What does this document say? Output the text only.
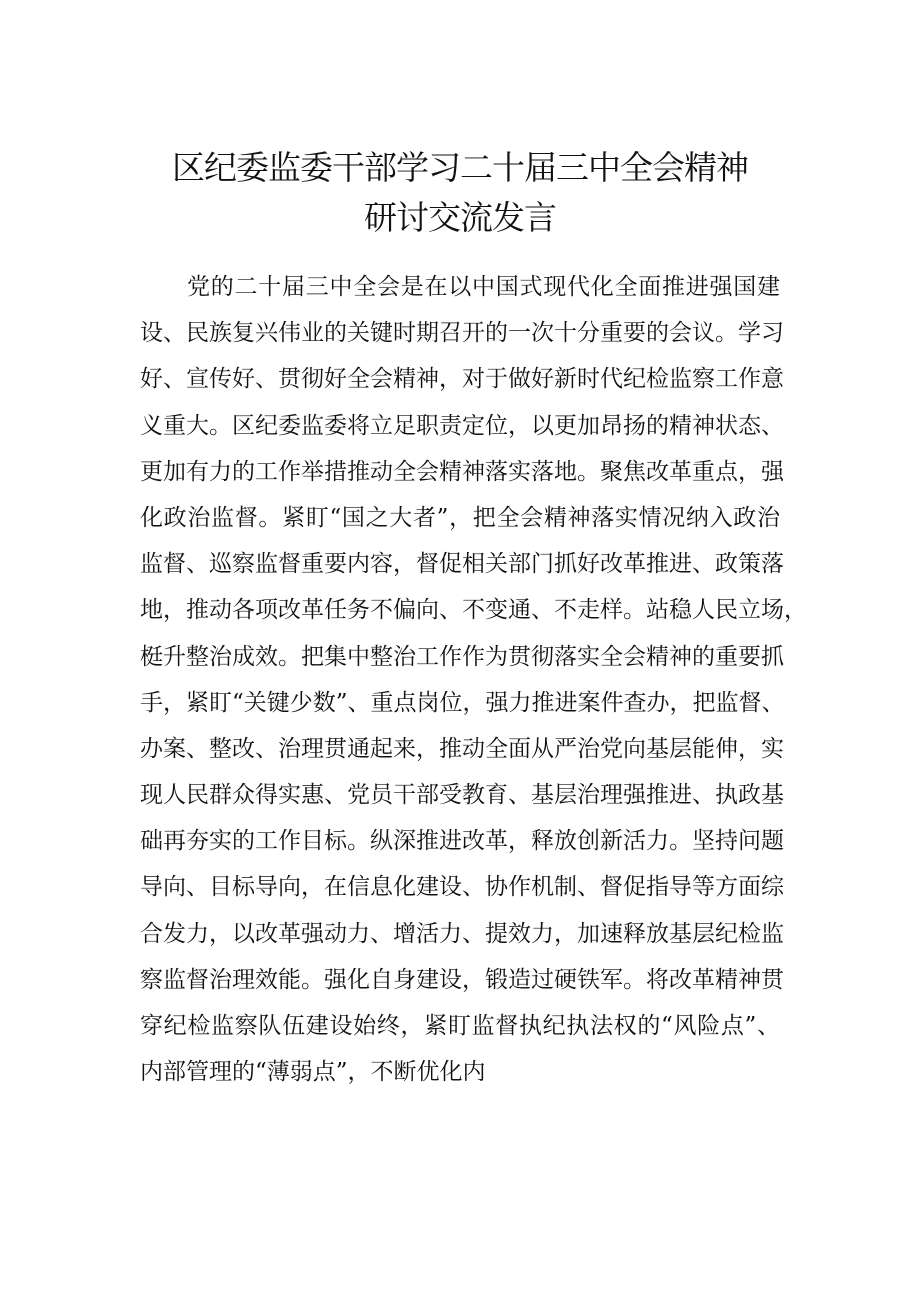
区纪委监委干部学习二十届三中全会精神
研讨交流发言
党的二十届三中全会是在以中国式现代化全面推进强国建
设、民族复兴伟业的关键时期召开的一次十分重要的会议。学习
好、宣传好、贯彻好全会精神，对于做好新时代纪检监察工作意
义重大。区纪委监委将立足职责定位，以更加昂扬的精神状态、
更加有力的工作举措推动全会精神落实落地。聚焦改革重点，强
化政治监督。紧盯“国之大者”，把全会精神落实情况纳入政治
监督、巡察监督重要内容，督促相关部门抓好改革推进、政策落
地，推动各项改革任务不偏向、不变通、不走样。站稳人民立场，
梃升整治成效。把集中整治工作作为贯彻落实全会精神的重要抓
手，紧盯“关键少数”、重点岗位，强力推进案件查办，把监督、
办案、整改、治理贯通起来，推动全面从严治党向基层能伸，实
现人民群众得实惠、党员干部受教育、基层治理强推进、执政基
础再夯实的工作目标。纵深推进改革，释放创新活力。坚持问题
导向、目标导向，在信息化建设、协作机制、督促指导等方面综
合发力，以改革强动力、增活力、提效力，加速释放基层纪检监
察监督治理效能。强化自身建设，锻造过硬铁军。将改革精神贯
穿纪检监察队伍建设始终，紧盯监督执纪执法权的“风险点”、
内部管理的“薄弱点”，不断优化内
